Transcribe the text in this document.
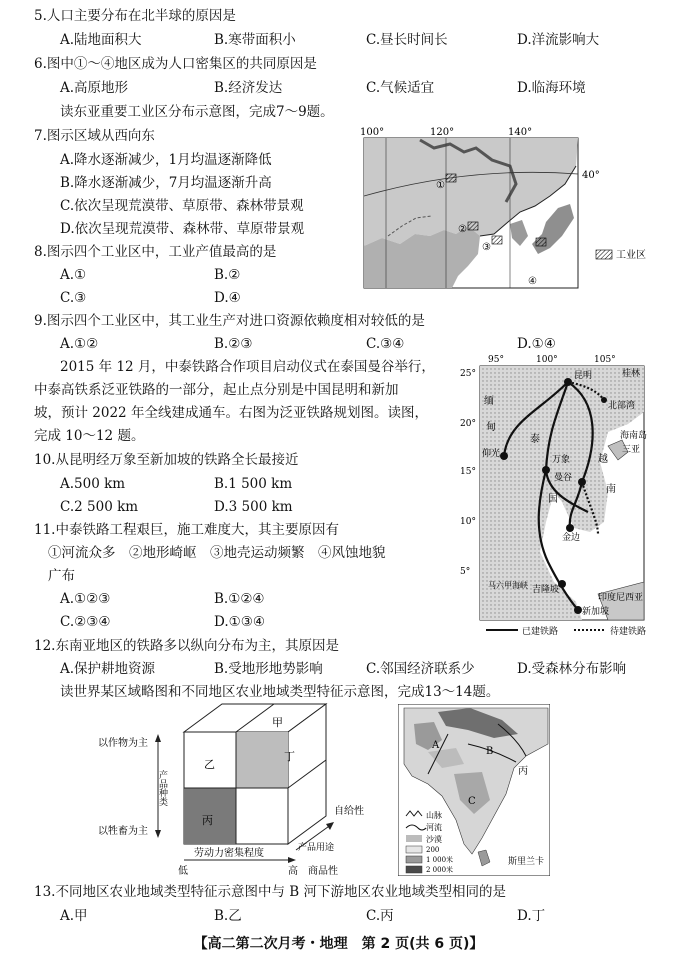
5.人口主要分布在北半球的原因是
A.陆地面积大	B.寒带面积小	C.昼长时间长	D.洋流影响大
6.图中①～④地区成为人口密集区的共同原因是
A.高原地形	B.经济发达	C.气候适宜	D.临海环境
读东亚重要工业区分布示意图，完成7～9题。
7.图示区域从西向东
A.降水逐渐减少，1月均温逐渐降低
B.降水逐渐减少，7月均温逐渐升高
C.依次呈现荒漠带、草原带、森林带景观
D.依次呈现荒漠带、森林带、草原带景观
8.图示四个工业区中，工业产值最高的是
A.①	B.②
C.③	D.④
100°	120°	140°
40°
①
②
③
④
工业区
9.图示四个工业区中，其工业生产对进口资源依赖度相对较低的是
A.①②	B.②③	C.③④	D.①④
2015 年 12 月，中泰铁路合作项目启动仪式在泰国曼谷举行，
中泰高铁系泛亚铁路的一部分，起止点分别是中国昆明和新加
坡，预计 2022 年全线建成通车。右图为泛亚铁路规划图。读图，
完成 10～12 题。
10.从昆明经万象至新加坡的铁路全长最接近
A.500 km	B.1 500 km
C.2 500 km	D.3 500 km
11.中泰铁路工程艰巨，施工难度大，其主要原因有
①河流众多　②地形崎岖　③地壳运动频繁　④风蚀地貌
广布
A.①②③	B.①②④
C.②③④	D.①③④
95°	100°	105°
25°
20°
15°
10°
5°
昆明	桂林
北部湾
海南岛
三亚
万象
仰光
曼谷
金边
吉隆坡
新加坡
印度尼西亚
马六甲海峡
缅
甸
泰
国
越
南
已建铁路	待建铁路
12.东南亚地区的铁路多以纵向分布为主，其原因是
A.保护耕地资源	B.受地形地势影响	C.邻国经济联系少	D.受森林分布影响
读世界某区域略图和不同地区农业地域类型特征示意图，完成13～14题。
甲
乙
丙
丁
以作物为主
以牲畜为主
产品种类
产品用途
自给性
商品性
劳动力密集程度
低	高
A
B
C
丙
斯里兰卡
山脉
河流
沙漠
200
1 000米
2 000米
13.不同地区农业地域类型特征示意图中与 B 河下游地区农业地域类型相同的是
A.甲	B.乙	C.丙	D.丁
【高二第二次月考・地理　第 2 页(共 6 页)】
